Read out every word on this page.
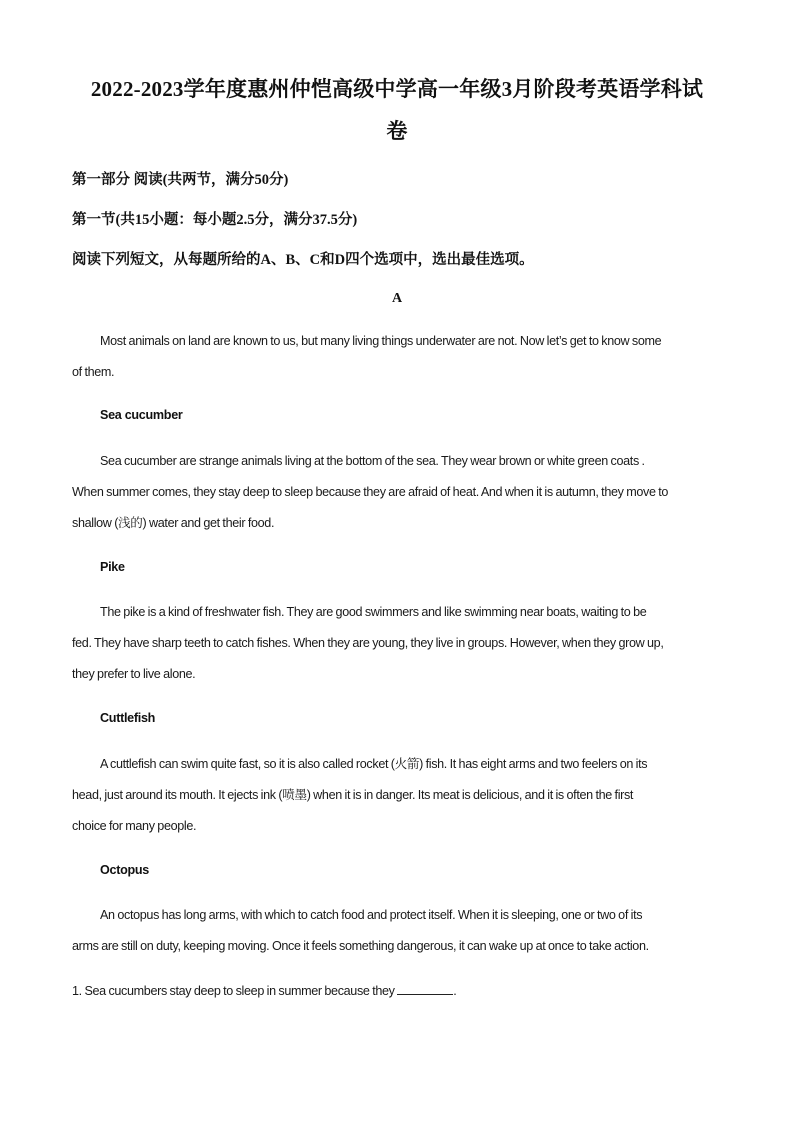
2022-2023学年度惠州仲恺高级中学高一年级3月阶段考英语学科试
卷
第一部分 阅读(共两节，满分50分)
第一节(共15小题：每小题2.5分，满分37.5分)
阅读下列短文，从每题所给的A、B、C和D四个选项中，选出最佳选项。
A
Most animals on land are known to us, but many living things underwater are not. Now let’s get to know some
of them.
Sea cucumber
Sea cucumber are strange animals living at the bottom of the sea. They wear brown or white green coats .
When summer comes, they stay deep to sleep because they are afraid of heat. And when it is autumn, they move to
shallow (浅的) water and get their food.
Pike
The pike is a kind of freshwater fish. They are good swimmers and like swimming near boats, waiting to be
fed. They have sharp teeth to catch fishes. When they are young, they live in groups. However, when they grow up,
they prefer to live alone.
Cuttlefish
A cuttlefish can swim quite fast, so it is also called rocket (火箭) fish. It has eight arms and two feelers on its
head, just around its mouth. It ejects ink (喷墨) when it is in danger. Its meat is delicious, and it is often the first
choice for many people.
Octopus
An octopus has long arms, with which to catch food and protect itself. When it is sleeping, one or two of its
arms are still on duty, keeping moving. Once it feels something dangerous, it can wake up at once to take action.
1. Sea cucumbers stay deep to sleep in summer because they	.
